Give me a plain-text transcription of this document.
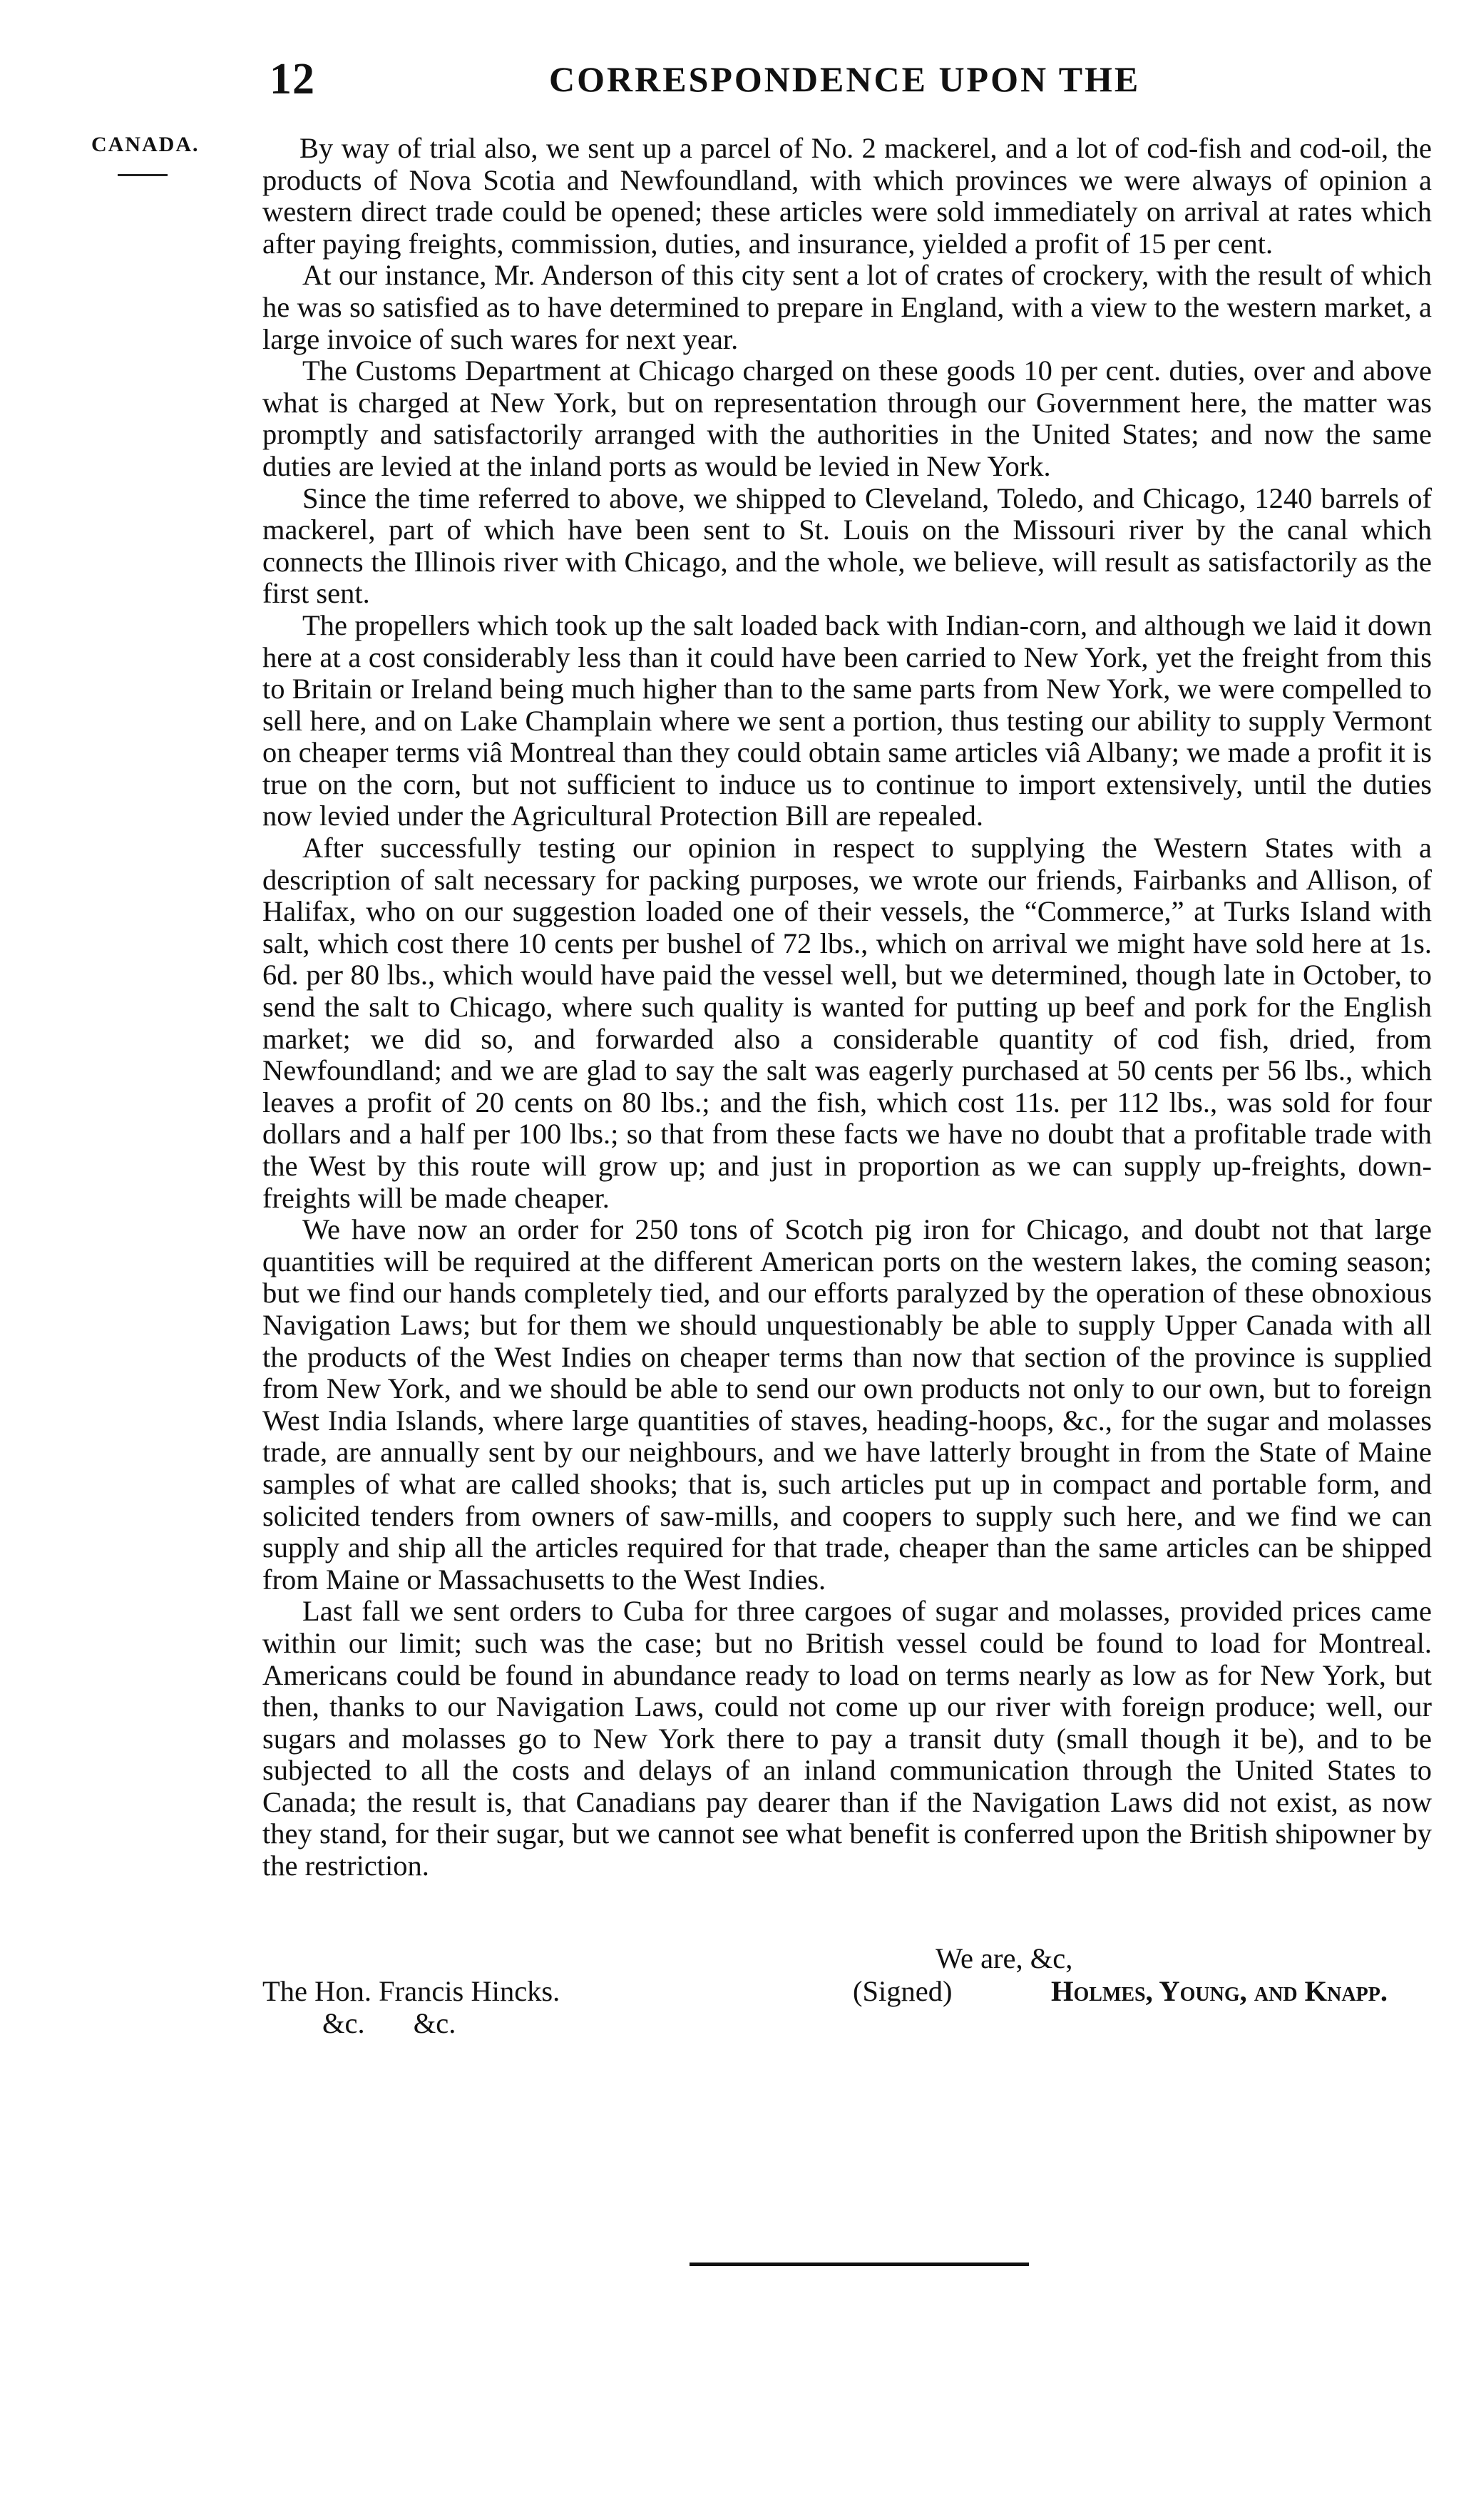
12	CORRESPONDENCE UPON THE
CANADA.	By way of trial also, we sent up a parcel of No. 2 mackerel, and a lot of cod-fish and cod-oil, the products of Nova Scotia and Newfoundland, with which provinces we were always of opinion a western direct trade could be opened; these articles were sold immediately on arrival at rates which after paying freights, commission, duties, and insurance, yielded a profit of 15 per cent.

At our instance, Mr. Anderson of this city sent a lot of crates of crockery, with the result of which he was so satisfied as to have determined to prepare in England, with a view to the western market, a large invoice of such wares for next year.

The Customs Department at Chicago charged on these goods 10 per cent. duties, over and above what is charged at New York, but on representation through our Government here, the matter was promptly and satisfactorily arranged with the authorities in the United States; and now the same duties are levied at the inland ports as would be levied in New York.

Since the time referred to above, we shipped to Cleveland, Toledo, and Chicago, 1240 barrels of mackerel, part of which have been sent to St. Louis on the Missouri river by the canal which connects the Illinois river with Chicago, and the whole, we believe, will result as satisfactorily as the first sent.

The propellers which took up the salt loaded back with Indian-corn, and although we laid it down here at a cost considerably less than it could have been carried to New York, yet the freight from this to Britain or Ireland being much higher than to the same parts from New York, we were compelled to sell here, and on Lake Champlain where we sent a portion, thus testing our ability to supply Vermont on cheaper terms viâ Montreal than they could obtain same articles viâ Albany; we made a profit it is true on the corn, but not sufficient to induce us to continue to import extensively, until the duties now levied under the Agricultural Protection Bill are repealed.

After successfully testing our opinion in respect to supplying the Western States with a description of salt necessary for packing purposes, we wrote our friends, Fairbanks and Allison, of Halifax, who on our suggestion loaded one of their vessels, the “Commerce,” at Turks Island with salt, which cost there 10 cents per bushel of 72 lbs., which on arrival we might have sold here at 1s. 6d. per 80 lbs., which would have paid the vessel well, but we determined, though late in October, to send the salt to Chicago, where such quality is wanted for putting up beef and pork for the English market; we did so, and forwarded also a considerable quantity of cod fish, dried, from Newfoundland; and we are glad to say the salt was eagerly purchased at 50 cents per 56 lbs., which leaves a profit of 20 cents on 80 lbs.; and the fish, which cost 11s. per 112 lbs., was sold for four dollars and a half per 100 lbs.; so that from these facts we have no doubt that a profitable trade with the West by this route will grow up; and just in proportion as we can supply up-freights, down-freights will be made cheaper.

We have now an order for 250 tons of Scotch pig iron for Chicago, and doubt not that large quantities will be required at the different American ports on the western lakes, the coming season; but we find our hands completely tied, and our efforts paralyzed by the operation of these obnoxious Navigation Laws; but for them we should unquestionably be able to supply Upper Canada with all the products of the West Indies on cheaper terms than now that section of the province is supplied from New York, and we should be able to send our own products not only to our own, but to foreign West India Islands, where large quantities of staves, heading-hoops, &c., for the sugar and molasses trade, are annually sent by our neighbours, and we have latterly brought in from the State of Maine samples of what are called shooks; that is, such articles put up in compact and portable form, and solicited tenders from owners of saw-mills, and coopers to supply such here, and we find we can supply and ship all the articles required for that trade, cheaper than the same articles can be shipped from Maine or Massachusetts to the West Indies.

Last fall we sent orders to Cuba for three cargoes of sugar and molasses, provided prices came within our limit; such was the case; but no British vessel could be found to load for Montreal. Americans could be found in abundance ready to load on terms nearly as low as for New York, but then, thanks to our Navigation Laws, could not come up our river with foreign produce; well, our sugars and molasses go to New York there to pay a transit duty (small though it be), and to be subjected to all the costs and delays of an inland communication through the United States to Canada; the result is, that Canadians pay dearer than if the Navigation Laws did not exist, as now they stand, for their sugar, but we cannot see what benefit is conferred upon the British shipowner by the restriction.

We are, &c,
The Hon. Francis Hincks.	(Signed)	Holmes, Young, and Knapp.
&c. &c.
